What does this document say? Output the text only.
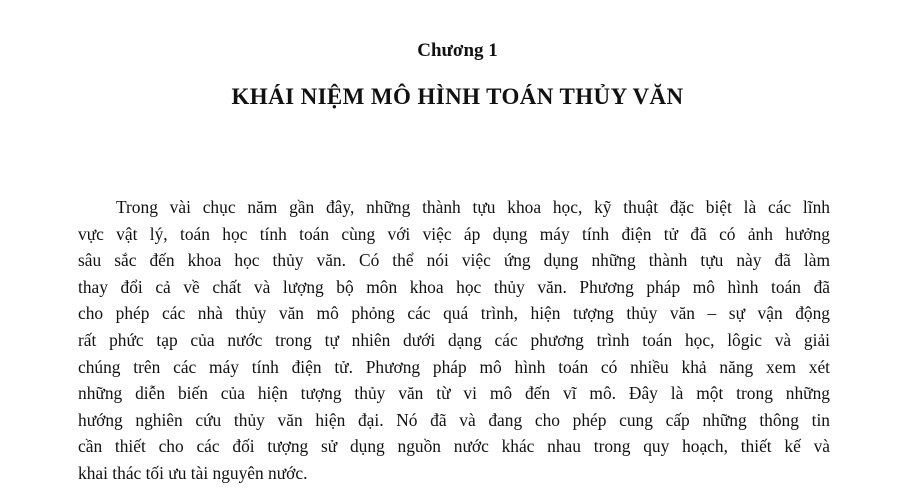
Chương 1
KHÁI NIỆM MÔ HÌNH TOÁN THỦY VĂN
Trong vài chục năm gần đây, những thành tựu khoa học, kỹ thuật đặc biệt là các lĩnh
vực vật lý, toán học tính toán cùng với việc áp dụng máy tính điện tử đã có ảnh hưởng
sâu sắc đến khoa học thủy văn. Có thể nói việc ứng dụng những thành tựu này đã làm
thay đổi cả về chất và lượng bộ môn khoa học thủy văn. Phương pháp mô hình toán đã
cho phép các nhà thủy văn mô phỏng các quá trình, hiện tượng thủy văn – sự vận động
rất phức tạp của nước trong tự nhiên dưới dạng các phương trình toán học, lôgic và giải
chúng trên các máy tính điện tử. Phương pháp mô hình toán có nhiều khả năng xem xét
những diễn biến của hiện tượng thủy văn từ vi mô đến vĩ mô. Đây là một trong những
hướng nghiên cứu thủy văn hiện đại. Nó đã và đang cho phép cung cấp những thông tin
cần thiết cho các đối tượng sử dụng nguồn nước khác nhau trong quy hoạch, thiết kế và
khai thác tối ưu tài nguyên nước.
